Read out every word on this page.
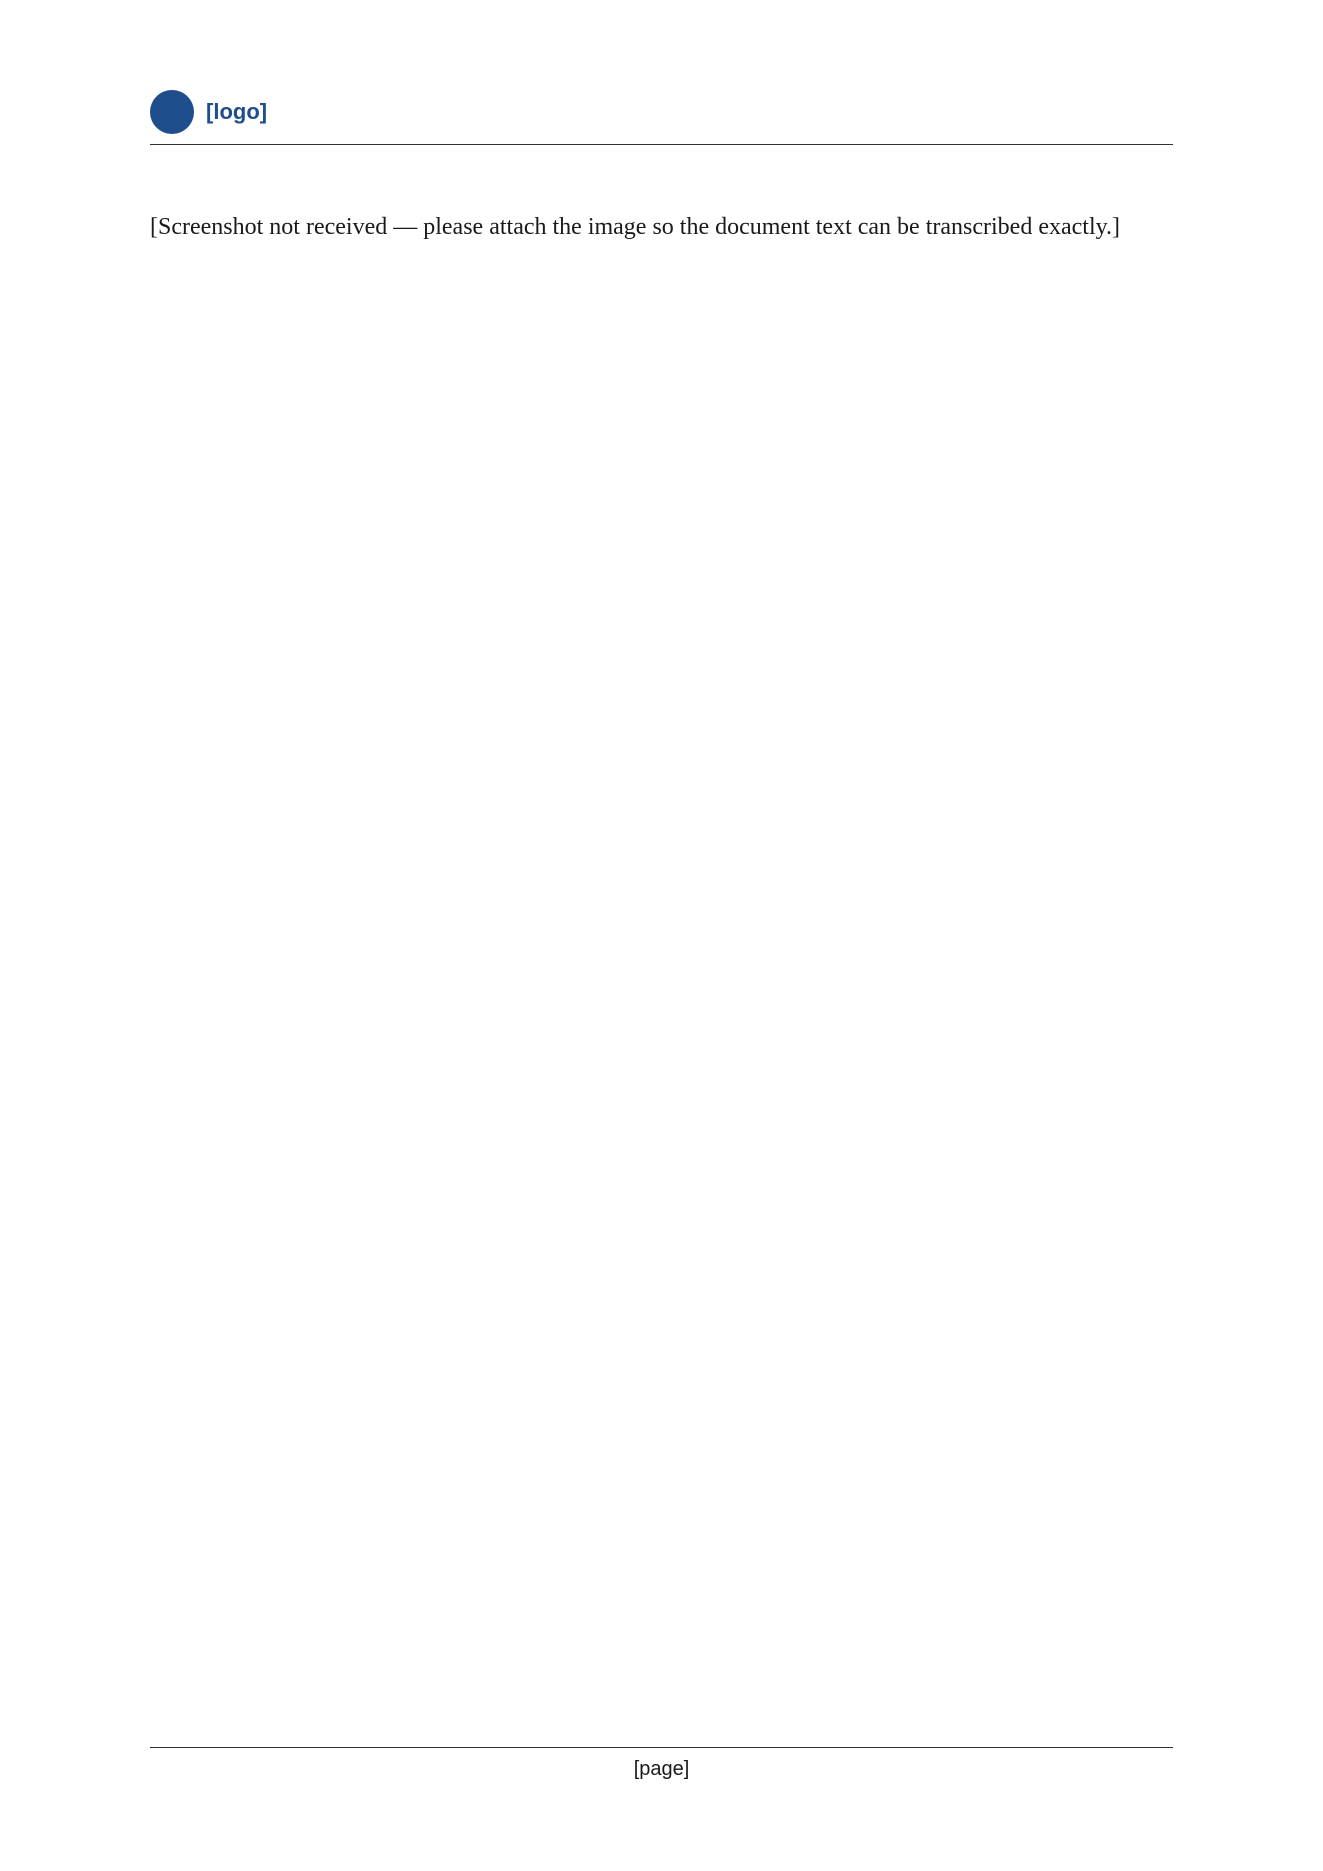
[logo]

[Screenshot not received — please attach the image so the document text can be transcribed exactly.]

[page]
